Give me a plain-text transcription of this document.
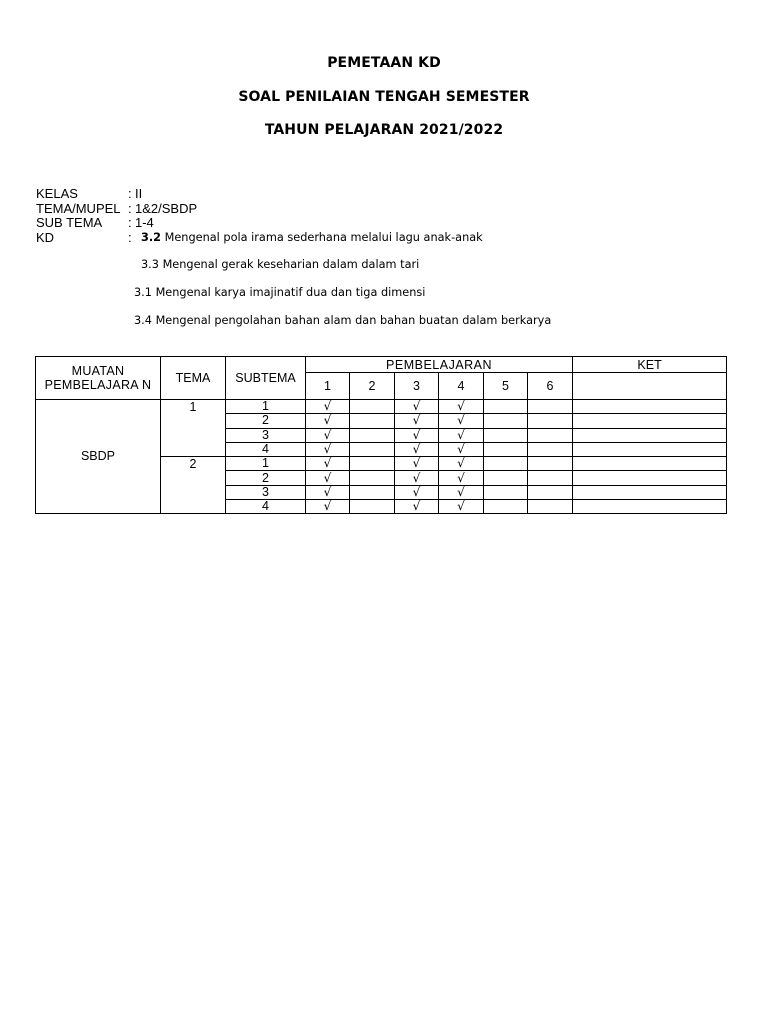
PEMETAAN KD
SOAL PENILAIAN TENGAH SEMESTER
TAHUN PELAJARAN 2021/2022
KELAS	: II
TEMA/MUPEL : 1&2/SBDP
SUB TEMA : 1-4
KD	: 3.2 Mengenal pola irama sederhana melalui lagu anak-anak
3.3 Mengenal gerak keseharian dalam dalam tari
3.1 Mengenal karya imajinatif dua dan tiga dimensi
3.4 Mengenal pengolahan bahan alam dan bahan buatan dalam berkarya
MUATAN PEMBELAJARA N	TEMA	SUBTEMA	PEMBELAJARAN						KET
			1	2	3	4	5	6	
SBDP	1	1	√		√	√			
		2	√		√	√			
		3	√		√	√			
		4	√		√	√			
	2	1	√		√	√			
		2	√		√	√			
		3	√		√	√			
		4	√		√	√			
